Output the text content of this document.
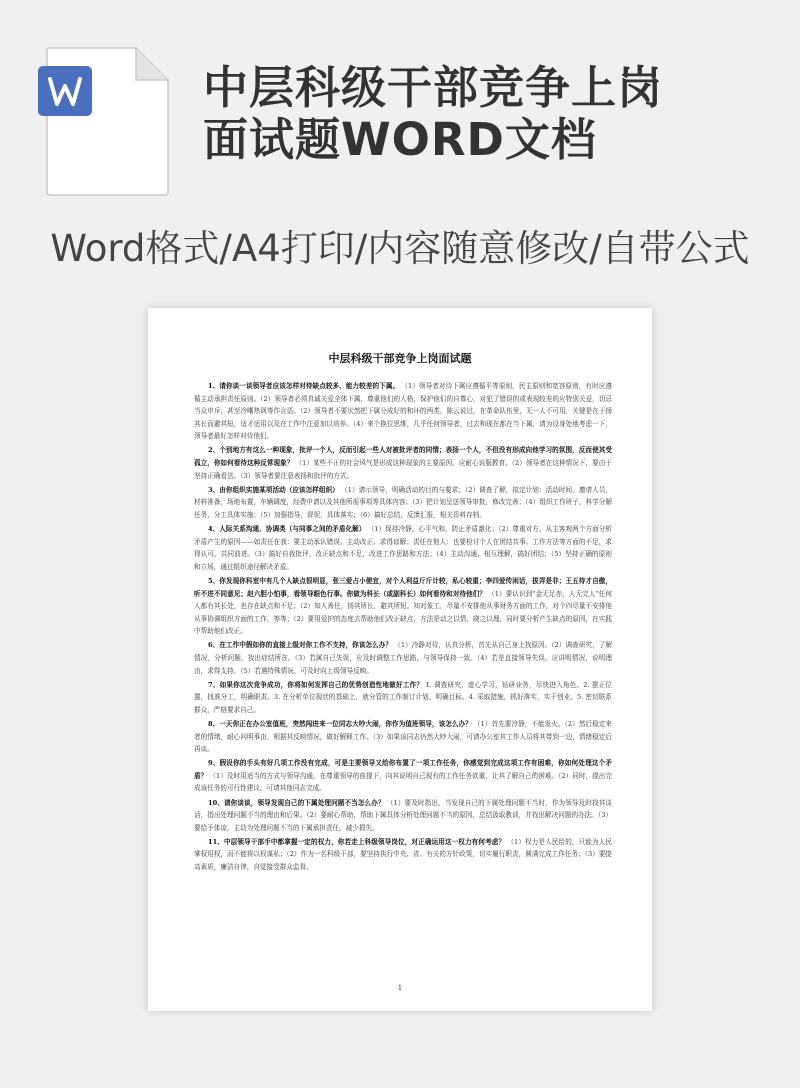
中层科级干部竞争上岗
面试题WORD文档
Word格式/A4打印/内容随意修改/自带公式
中层科级干部竞争上岗面试题

1、请你谈一谈领导者应该怎样对待缺点较多、能力较差的下属。 （1）领导者对待下属应遵循平等原则，民主原则和宽容原则，有时应遵循主动承担责任原则。（2）领导者必须真诚关爱全体下属，尊重他们的人格，保护他们的自尊心，对犯了错误的或表现较差的应特别关爱，切忌当众申斥，甚至冷嘲热讽等作言语。（2）领导者不要厌然把下属分成好的和坏的两类，陈云说过，在革命队伍里，无一人不可用，关键是在于扬其长而避其短，适才适用以及在工作中注意加以培养。（4）来个换位思维，几乎任何领导者，过去和现在都在当下属，请为设身处地考虑一下，领导者最好怎样对待他们。

2、个别地方有这么一种现象，批评一个人，反而引起一些人对被批评者的同情；表扬一个人，不但没有形成向他学习的氛围，反而使其受孤立，你如何看待这种反常现象？ （1）某些不正的社会风气是形成这种现象的主要原因，应耐心说服教育。（2）领导者在这种情况下，要由于坚持正确看法。（3）领导者要注意表扬和批评的方式。

3、由你组织实施某项活动（应该怎样组织） （1）请示领导，明确活动的目的与要求；（2）调查了解，拟定计划：活动时间，邀请人员，材料准备，场地布置，车辆调度，经费申请以及其他所需事项等具体内容；（3）把计划呈送领导审批，修改完善；（4）组织工作班子，科学分解任务、分工具体实施；（5）加强指导，督促，具体落实；（6）搞好总结，反馈汇报，相关资料存档。

4、人际关系沟通、协调类（与同事之间的矛盾化解） （1）保持冷静，心平气和，防止矛盾激化；（2）尊重对方，从主客观两个方面分析矛盾产生的原因——如责任在我：要主动承认错误、主动改正、求得谅解；责任在他人：也要检讨个人在团结共事、工作方法等方面的不足，求得认可，共同前进。（3）搞好自我批评，改正缺点和不足，改进工作思路和方法；（4）主动沟通，相互理解，搞好团结；（5）坚持正确的原则和立场，通过组织途径解决矛盾。

5、你发现你科室中有几个人缺点很明显，张三爱占小便宜，对个人利益斤斤计较，私心较重；李四爱传闲话，拔弄是非；王五待才自傲，听不进不同意见；赵六胆小怕事，看领导眼色行事。你做为科长（或副科长）如何看待和对待他们？ （1）要认识到“金无足赤，人无完人”任何人都有其长处，也存在缺点和不足；（2）知人善任，扬其所长，避其所短。知对象工，尽量不安排他从事财务方面的工作，对个四尽量不安排他从事协调组织方面的工作，等等；（2）要用爱护的态度去帮助他们改正缺点，方法是动之以情，晓之以理，同时要分析产生缺点的原因，在实践中帮助他们改正。

6、在工作中假如你的直接上级对你工作不支持，你该怎么办？ （1）冷静对待，认真分析，首先从自己身上找原因。（2）调查研究，了解情况，分析问题，找出症结所在。（3）若属自己失误，应及时调整工作思路，与领导保持一致。（4）若是直接领导失误，应讲明情况，说明理由，求得支持。（5）若遇特殊情况，可及时向上级领导反映。

7、如果你这次竞争成功，你将如何发挥自己的优势创造性地做好工作？ 1. 调查研究，虚心学习，钻研业务，尽快进入角色。2. 摆正位置，找准分工，明确职责。3. 在分析单位现状的基础上，就分管的工作制订计划，明确目标。4. 采取措施，抓好落实，实干创业。5. 密切联系群众，严格要求自己。

8、一天你正在办公室值班，突然闯进来一位同志大吵大闹，你作为值班领导，该怎么办？ （1）首先要冷静，不能发火。（2）然后稳定来者的情绪，耐心问明事由，根据其反映情况，做好解释工作。（3）如果该同志仍然大吵大闹，可请办公室其工作人员将其带到一边，情绪稳定后再谈。

9、假设你的手头有好几项工作没有完成，可是主要领导又给你布置了一项工作任务，你感觉到完成这项工作有困难，你如何处理这个矛盾？ （1）及时用适当的方式与领导沟通，在尊重领导的前提下，向其说明自己现有的工作任务欲重，让其了解自己的困难。（2）同时，提出完成该任务的可行性建议，可请其他同志完成。

10、请你谈谈，领导发现自己的下属处理问题不当怎么办？ （1）要及时指出，当发现自己的下属处理问题不当时，作为领导及时找其谈话，指出处理问题不当的理由和后果。（2）要耐心帮助，帮助下属具体分析处理问题不当的原因，总结汲取教训，并找出解决问题的办法。（3）要给予体谅，主动为处理问题不当的下属承担责任，减少损失。

11、中层领导干部手中都掌握一定的权力，你若走上科级领导岗位，对正确运用这一权力有何考虑？ （1）权力是人民给的，只能为人民掌权用权，而不能将以权谋私；（2）作为一名科级干部，要坚持执行中央、省、有关的方针政策，切实履行职责，圆满完成工作任务；（3）要提高素质，廉洁自律，自觉接受群众监督。

1
